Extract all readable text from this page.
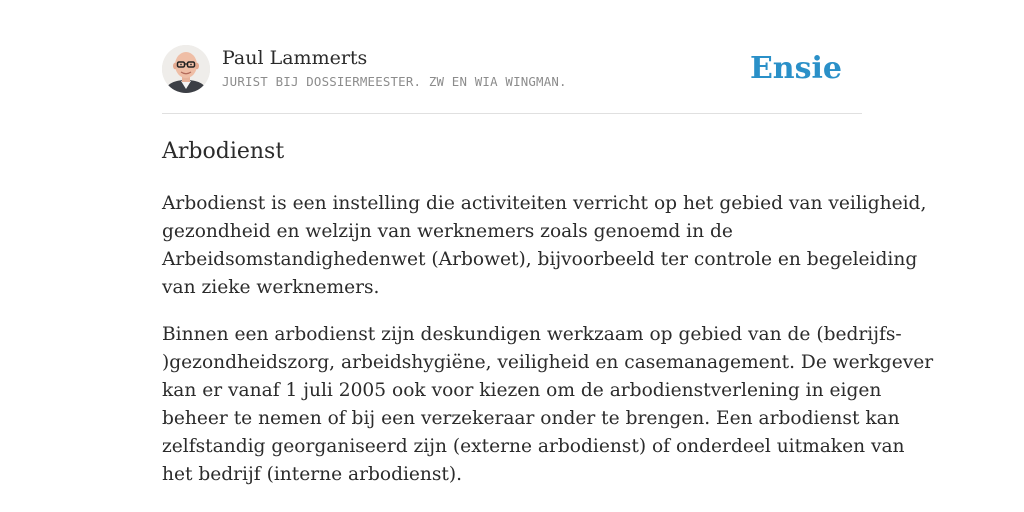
Paul Lammerts
JURIST BIJ DOSSIERMEESTER. ZW EN WIA WINGMAN.	Ensie
Arbodienst

Arbodienst is een instelling die activiteiten verricht op het gebied van veiligheid,
gezondheid en welzijn van werknemers zoals genoemd in de
Arbeidsomstandighedenwet (Arbowet), bijvoorbeeld ter controle en begeleiding
van zieke werknemers.

Binnen een arbodienst zijn deskundigen werkzaam op gebied van de (bedrijfs-
)gezondheidszorg, arbeidshygiëne, veiligheid en casemanagement. De werkgever
kan er vanaf 1 juli 2005 ook voor kiezen om de arbodienstverlening in eigen
beheer te nemen of bij een verzekeraar onder te brengen. Een arbodienst kan
zelfstandig georganiseerd zijn (externe arbodienst) of onderdeel uitmaken van
het bedrijf (interne arbodienst).
